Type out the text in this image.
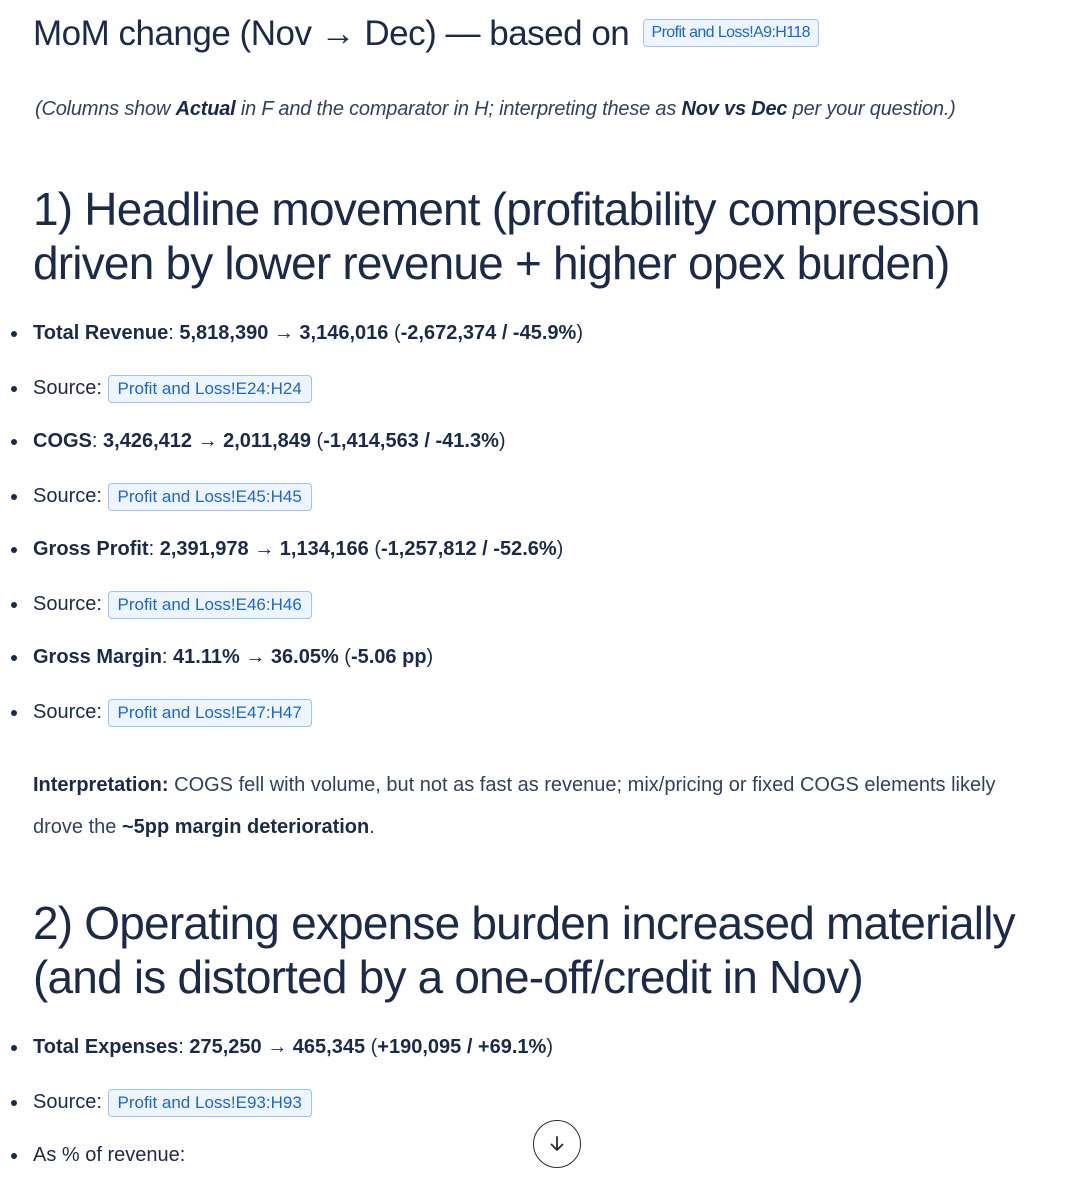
MoM change (Nov → Dec) — based on Profit and Loss!A9:H118
(Columns show Actual in F and the comparator in H; interpreting these as Nov vs Dec per your question.)
1) Headline movement (profitability compression driven by lower revenue + higher opex burden)
Total Revenue: 5,818,390 → 3,146,016 (-2,672,374 / -45.9%)
Source: Profit and Loss!E24:H24
COGS: 3,426,412 → 2,011,849 (-1,414,563 / -41.3%)
Source: Profit and Loss!E45:H45
Gross Profit: 2,391,978 → 1,134,166 (-1,257,812 / -52.6%)
Source: Profit and Loss!E46:H46
Gross Margin: 41.11% → 36.05% (-5.06 pp)
Source: Profit and Loss!E47:H47
Interpretation: COGS fell with volume, but not as fast as revenue; mix/pricing or fixed COGS elements likely drove the ~5pp margin deterioration.
2) Operating expense burden increased materially (and is distorted by a one-off/credit in Nov)
Total Expenses: 275,250 → 465,345 (+190,095 / +69.1%)
Source: Profit and Loss!E93:H93
As % of revenue:
